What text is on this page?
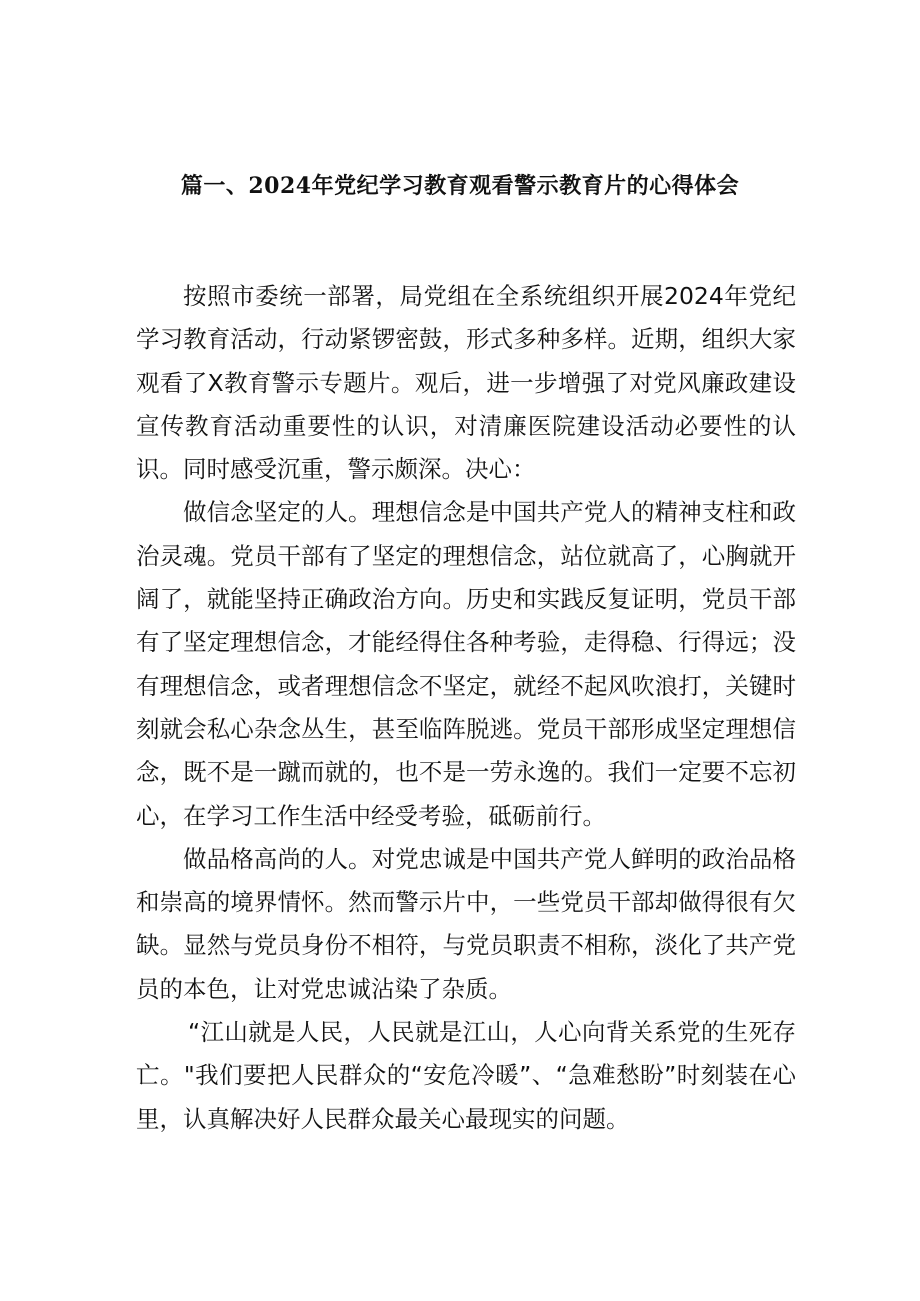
篇一、2024年党纪学习教育观看警示教育片的心得体会

按照市委统一部署，局党组在全系统组织开展2024年党纪学习教育活动，行动紧锣密鼓，形式多种多样。近期，组织大家观看了X教育警示专题片。观后，进一步增强了对党风廉政建设宣传教育活动重要性的认识，对清廉医院建设活动必要性的认识。同时感受沉重，警示颇深。决心：

做信念坚定的人。理想信念是中国共产党人的精神支柱和政治灵魂。党员干部有了坚定的理想信念，站位就高了，心胸就开阔了，就能坚持正确政治方向。历史和实践反复证明，党员干部有了坚定理想信念，才能经得住各种考验，走得稳、行得远；没有理想信念，或者理想信念不坚定，就经不起风吹浪打，关键时刻就会私心杂念丛生，甚至临阵脱逃。党员干部形成坚定理想信念，既不是一蹴而就的，也不是一劳永逸的。我们一定要不忘初心，在学习工作生活中经受考验，砥砺前行。

做品格高尚的人。对党忠诚是中国共产党人鲜明的政治品格和崇高的境界情怀。然而警示片中，一些党员干部却做得很有欠缺。显然与党员身份不相符，与党员职责不相称，淡化了共产党员的本色，让对党忠诚沾染了杂质。

“江山就是人民，人民就是江山，人心向背关系党的生死存亡。"我们要把人民群众的“安危冷暖”、“急难愁盼”时刻装在心里，认真解决好人民群众最关心最现实的问题。
